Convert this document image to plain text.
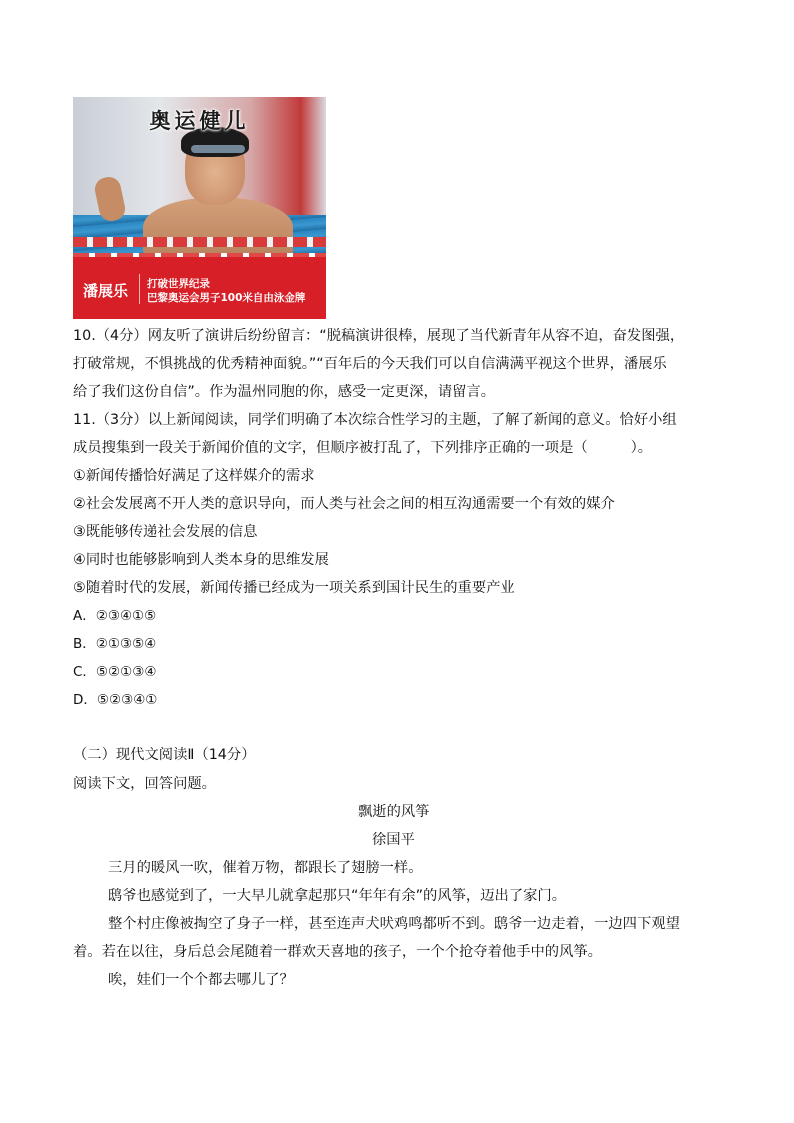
奥运健儿
潘展乐 打破世界纪录
巴黎奥运会男子100米自由泳金牌
10.（4分）网友听了演讲后纷纷留言：“脱稿演讲很棒，展现了当代新青年从容不迫，奋发图强，
打破常规，不惧挑战的优秀精神面貌。”“百年后的今天我们可以自信满满平视这个世界，潘展乐
给了我们这份自信”。作为温州同胞的你，感受一定更深，请留言。
11.（3分）以上新闻阅读，同学们明确了本次综合性学习的主题，了解了新闻的意义。恰好小组
成员搜集到一段关于新闻价值的文字，但顺序被打乱了，下列排序正确的一项是（　　　）。
①新闻传播恰好满足了这样媒介的需求
②社会发展离不开人类的意识导向，而人类与社会之间的相互沟通需要一个有效的媒介
③既能够传递社会发展的信息
④同时也能够影响到人类本身的思维发展
⑤随着时代的发展，新闻传播已经成为一项关系到国计民生的重要产业
A．②③④①⑤
B．②①③⑤④
C．⑤②①③④
D．⑤②③④①
（二）现代文阅读Ⅱ（14分）
阅读下文，回答问题。
飘逝的风筝
徐国平
三月的暖风一吹，催着万物，都跟长了翅膀一样。
鸱爷也感觉到了，一大早儿就拿起那只“年年有余”的风筝，迈出了家门。
整个村庄像被掏空了身子一样，甚至连声犬吠鸡鸣都听不到。鸱爷一边走着，一边四下观望
着。若在以往，身后总会尾随着一群欢天喜地的孩子，一个个抢夺着他手中的风筝。
唉，娃们一个个都去哪儿了？
